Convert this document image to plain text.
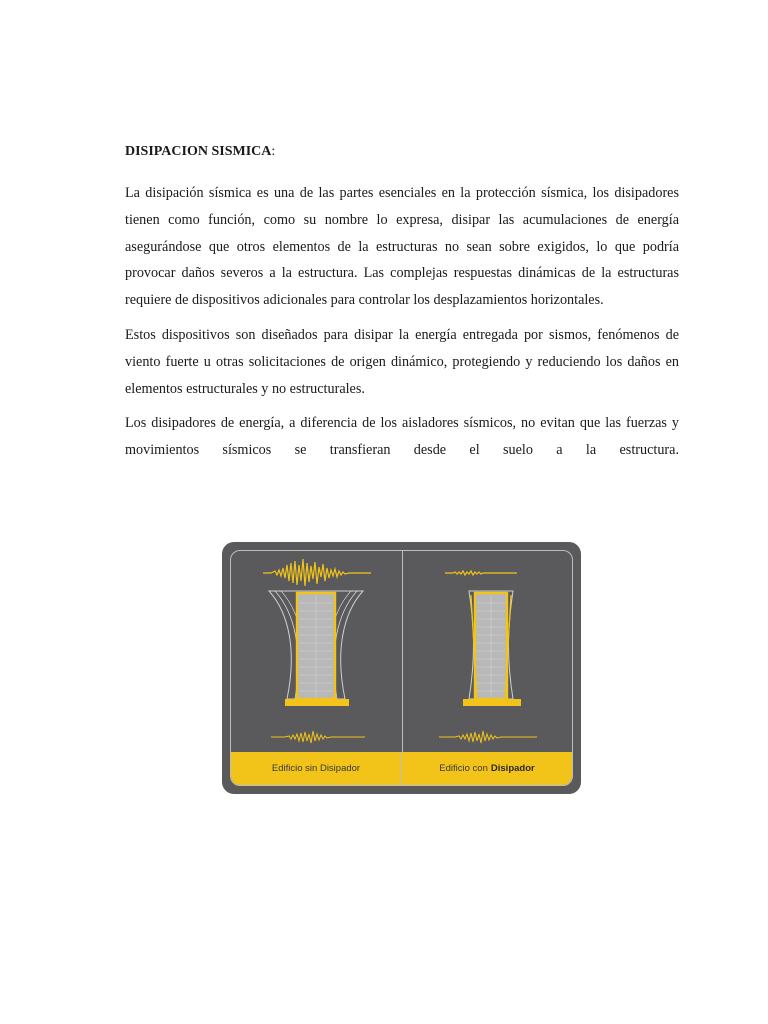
DISIPACION SISMICA:

La disipación sísmica es una de las partes esenciales en la protección sísmica, los disipadores tienen como función, como su nombre lo expresa, disipar las acumulaciones de energía asegurándose que otros elementos de la estructuras no sean sobre exigidos, lo que podría provocar daños severos a la estructura. Las complejas respuestas dinámicas de la estructuras requiere de dispositivos adicionales para controlar los desplazamientos horizontales.

Estos dispositivos son diseñados para disipar la energía entregada por sismos, fenómenos de viento fuerte u otras solicitaciones de origen dinámico, protegiendo y reduciendo los daños en elementos estructurales y no estructurales.

Los disipadores de energía, a diferencia de los aisladores sísmicos, no evitan que las fuerzas y movimientos sísmicos se transfieran desde el suelo a la estructura.

Edificio sin Disipador	Edificio con Disipador
